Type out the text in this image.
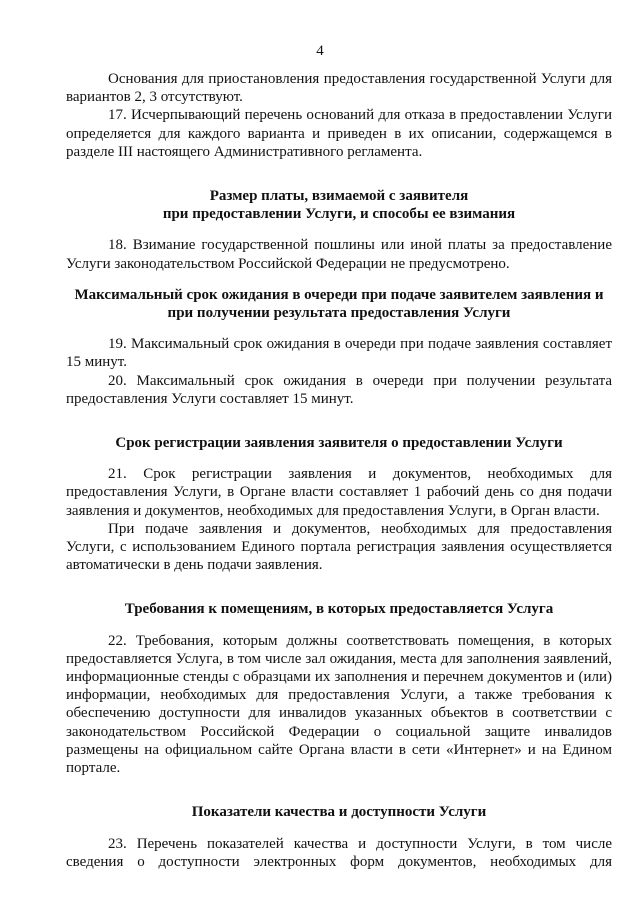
4

Основания для приостановления предоставления государственной Услуги для вариантов 2, 3 отсутствуют.

17. Исчерпывающий перечень оснований для отказа в предоставлении Услуги определяется для каждого варианта и приведен в их описании, содержащемся в разделе III настоящего Административного регламента.

Размер платы, взимаемой с заявителя
при предоставлении Услуги, и способы ее взимания

18. Взимание государственной пошлины или иной платы за предоставление Услуги законодательством Российской Федерации не предусмотрено.

Максимальный срок ожидания в очереди при подаче заявителем заявления и
при получении результата предоставления Услуги

19. Максимальный срок ожидания в очереди при подаче заявления составляет 15 минут.

20. Максимальный срок ожидания в очереди при получении результата предоставления Услуги составляет 15 минут.

Срок регистрации заявления заявителя о предоставлении Услуги

21. Срок регистрации заявления и документов, необходимых для предоставления Услуги, в Органе власти составляет 1 рабочий день со дня подачи заявления и документов, необходимых для предоставления Услуги, в Орган власти.

При подаче заявления и документов, необходимых для предоставления Услуги, с использованием Единого портала регистрация заявления осуществляется автоматически в день подачи заявления.

Требования к помещениям, в которых предоставляется Услуга

22. Требования, которым должны соответствовать помещения, в которых предоставляется Услуга, в том числе зал ожидания, места для заполнения заявлений, информационные стенды с образцами их заполнения и перечнем документов и (или) информации, необходимых для предоставления Услуги, а также требования к обеспечению доступности для инвалидов указанных объектов в соответствии с законодательством Российской Федерации о социальной защите инвалидов размещены на официальном сайте Органа власти в сети «Интернет» и на Едином портале.

Показатели качества и доступности Услуги

23. Перечень показателей качества и доступности Услуги, в том числе сведения о доступности электронных форм документов, необходимых для
